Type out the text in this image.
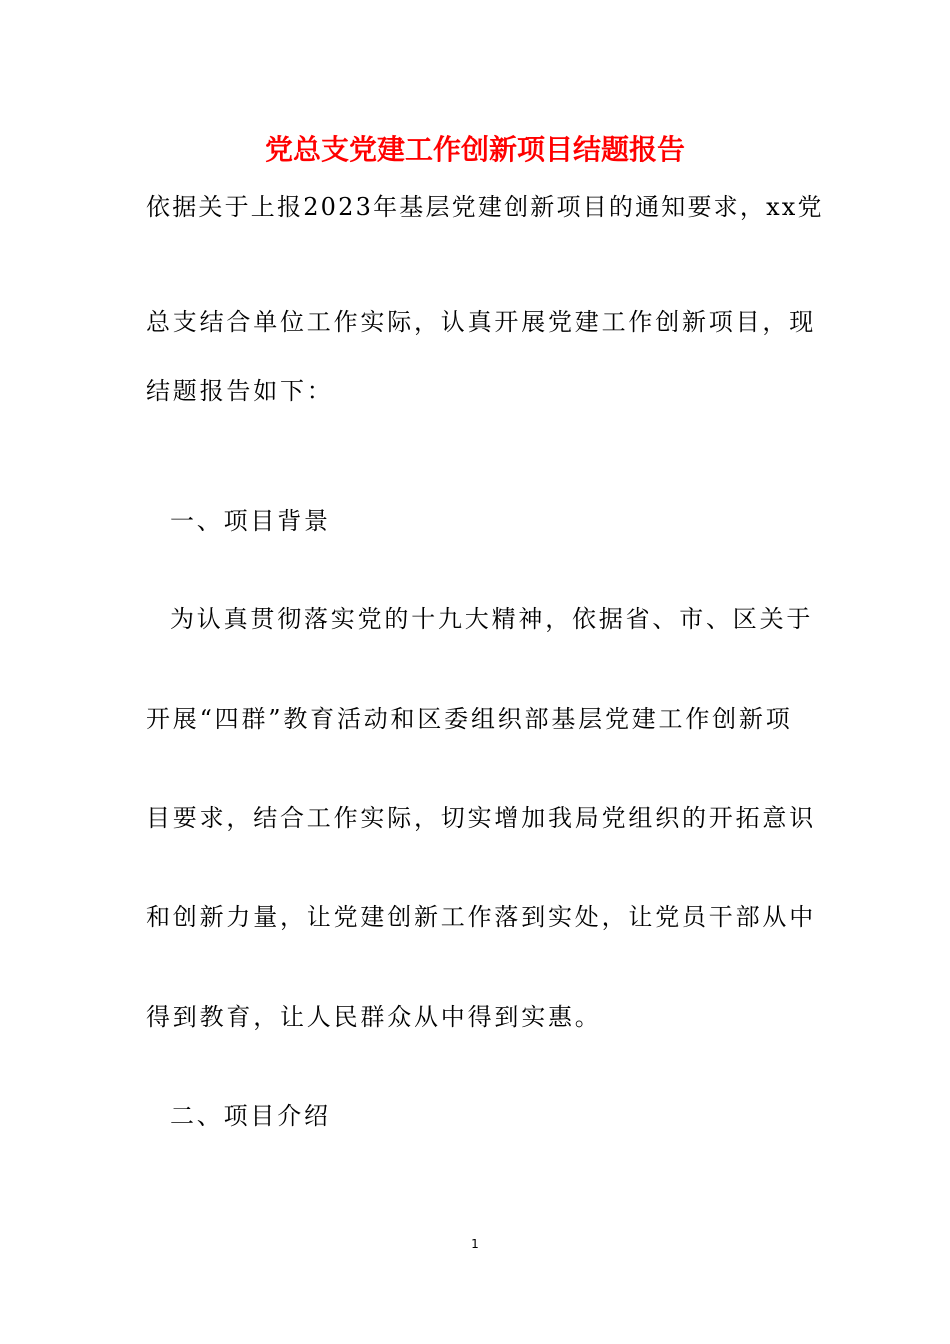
党总支党建工作创新项目结题报告
依据关于上报2023年基层党建创新项目的通知要求，xx党
总支结合单位工作实际，认真开展党建工作创新项目，现
结题报告如下：
一、项目背景
为认真贯彻落实党的十九大精神，依据省、市、区关于
开展“四群”教育活动和区委组织部基层党建工作创新项
目要求，结合工作实际，切实增加我局党组织的开拓意识
和创新力量，让党建创新工作落到实处，让党员干部从中
得到教育，让人民群众从中得到实惠。
二、项目介绍
1
